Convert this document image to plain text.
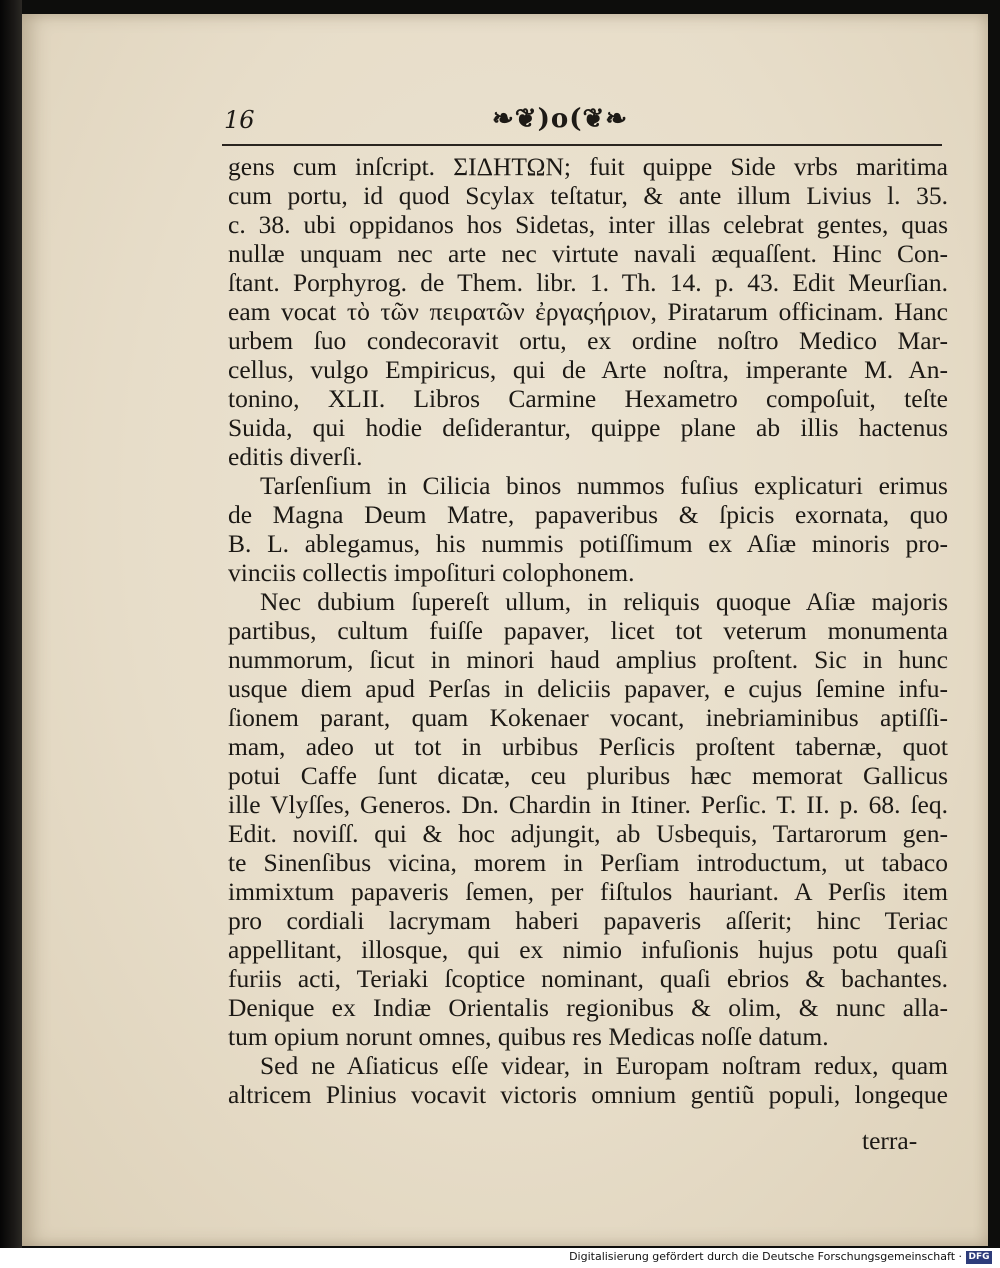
16	❧❦)o(❦❧
gens cum inſcript. ΣΙΔΗΤΩΝ; fuit quippe Side vrbs maritima
cum portu, id quod Scylax teſtatur, & ante illum Livius l. 35.
c. 38. ubi oppidanos hos Sidetas, inter illas celebrat gentes, quas
nullæ unquam nec arte nec virtute navali æquaſſent. Hinc Con-
ſtant. Porphyrog. de Them. libr. 1. Th. 14. p. 43. Edit Meurſian.
eam vocat τὸ τῶν πειρατῶν ἐργαςήριον, Piratarum officinam. Hanc
urbem ſuo condecoravit ortu, ex ordine noſtro Medico Mar-
cellus, vulgo Empiricus, qui de Arte noſtra, imperante M. An-
tonino, XLII. Libros Carmine Hexametro compoſuit, teſte
Suida, qui hodie deſiderantur, quippe plane ab illis hactenus
editis diverſi.
Tarſenſium in Cilicia binos nummos fuſius explicaturi erimus
de Magna Deum Matre, papaveribus & ſpicis exornata, quo
B. L. ablegamus, his nummis potiſſimum ex Aſiæ minoris pro-
vinciis collectis impoſituri colophonem.
Nec dubium ſupereſt ullum, in reliquis quoque Aſiæ majoris
partibus, cultum fuiſſe papaver, licet tot veterum monumenta
nummorum, ſicut in minori haud amplius proſtent. Sic in hunc
usque diem apud Perſas in deliciis papaver, e cujus ſemine infu-
ſionem parant, quam Kokenaer vocant, inebriaminibus aptiſſi-
mam, adeo ut tot in urbibus Perſicis proſtent tabernæ, quot
potui Caffe ſunt dicatæ, ceu pluribus hæc memorat Gallicus
ille Vlyſſes, Generos. Dn. Chardin in Itiner. Perſic. T. II. p. 68. ſeq.
Edit. noviſſ. qui & hoc adjungit, ab Usbequis, Tartarorum gen-
te Sinenſibus vicina, morem in Perſiam introductum, ut tabaco
immixtum papaveris ſemen, per fiſtulos hauriant. A Perſis item
pro cordiali lacrymam haberi papaveris aſſerit; hinc Teriac
appellitant, illosque, qui ex nimio infuſionis hujus potu quaſi
furiis acti, Teriaki ſcoptice nominant, quaſi ebrios & bachantes.
Denique ex Indiæ Orientalis regionibus & olim, & nunc alla-
tum opium norunt omnes, quibus res Medicas noſſe datum.
Sed ne Aſiaticus eſſe videar, in Europam noſtram redux, quam
altricem Plinius vocavit victoris omnium gentiũ populi, longeque
terra-
Digitalisierung gefördert durch die Deutsche Forschungsgemeinschaft · DFG
